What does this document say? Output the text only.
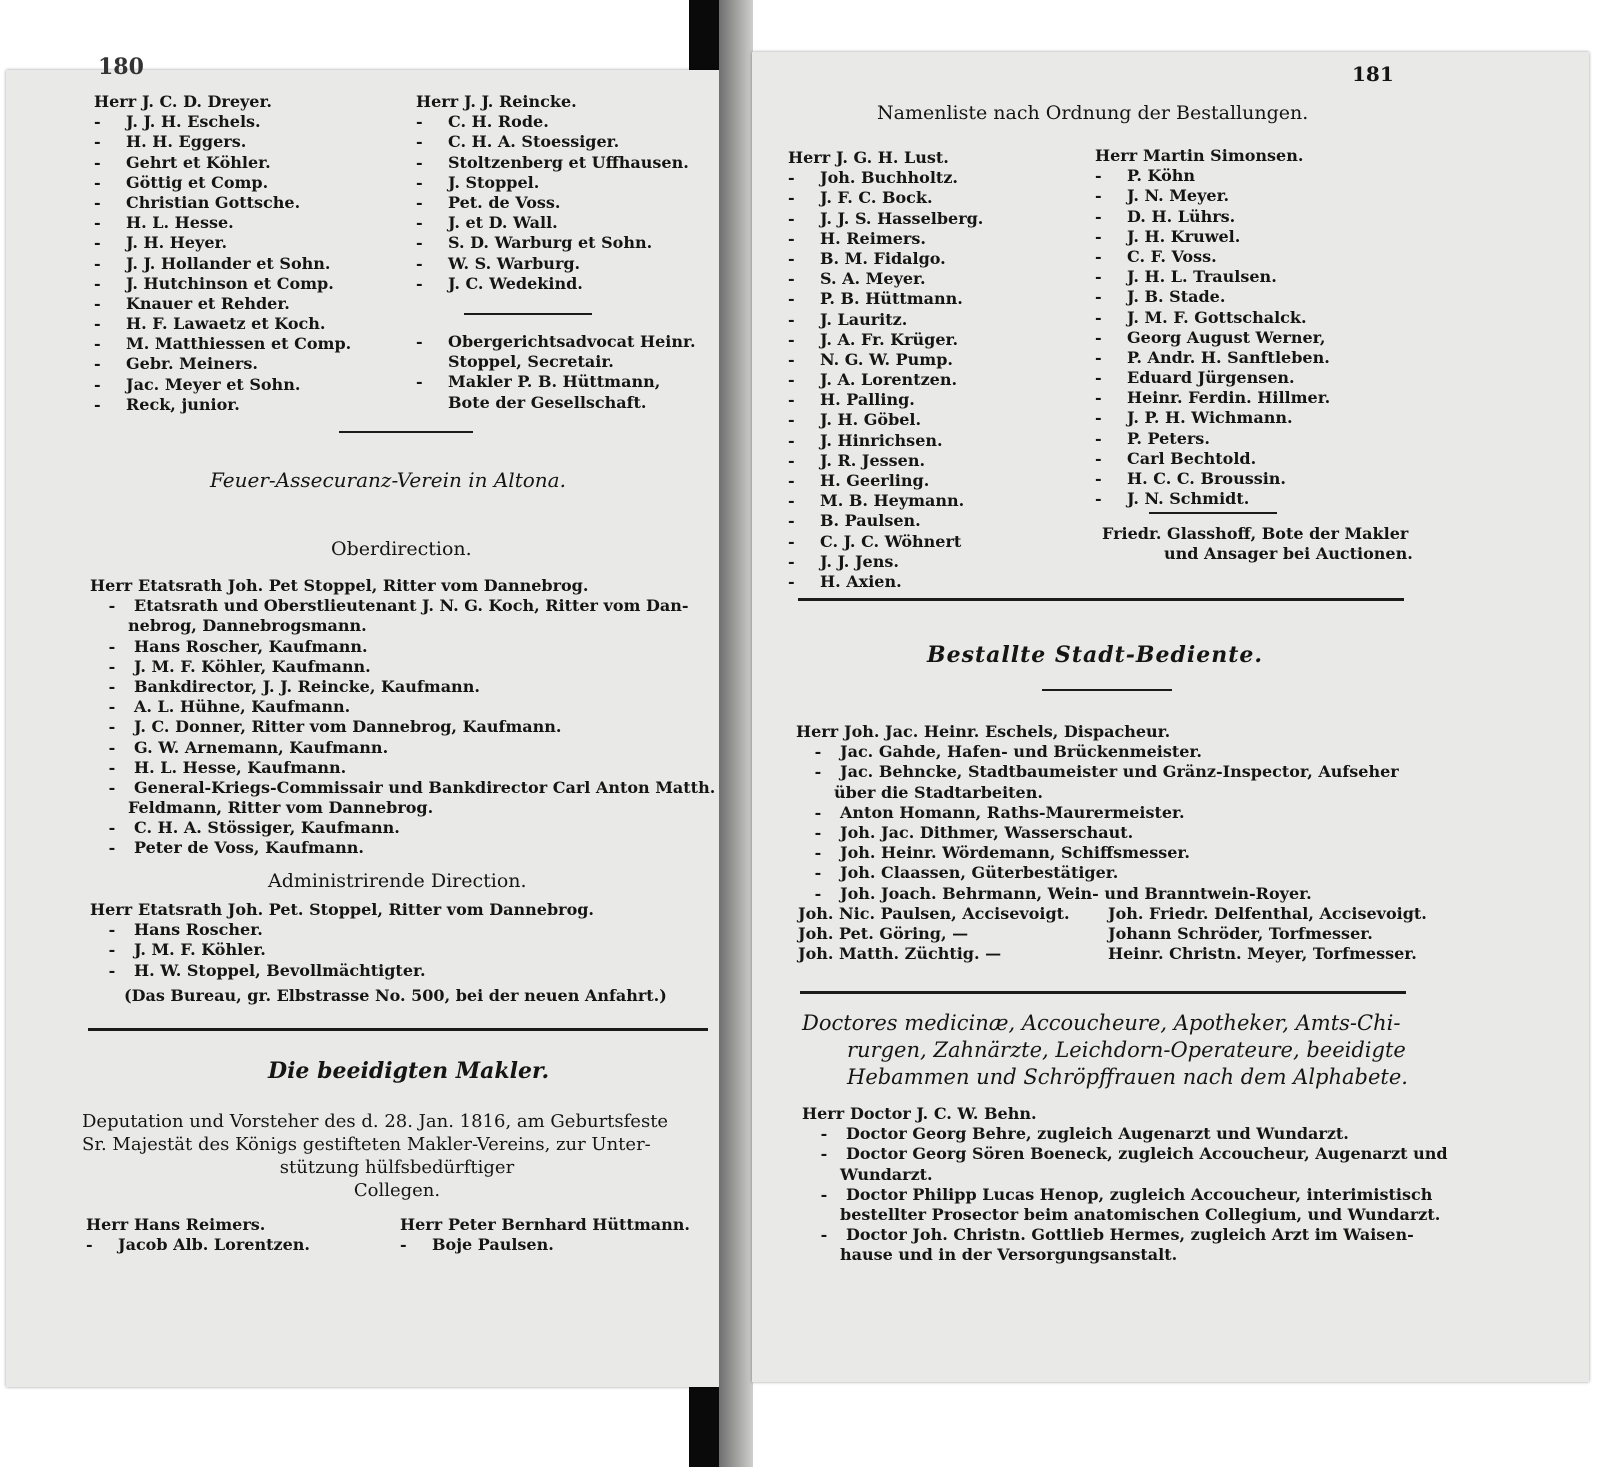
180
Herr J. C. D. Dreyer.
- J. J. H. Eschels.
- H. H. Eggers.
- Gehrt et Köhler.
- Göttig et Comp.
- Christian Gottsche.
- H. L. Hesse.
- J. H. Heyer.
- J. J. Hollander et Sohn.
- J. Hutchinson et Comp.
- Knauer et Rehder.
- H. F. Lawaetz et Koch.
- M. Matthiessen et Comp.
- Gebr. Meiners.
- Jac. Meyer et Sohn.
- Reck, junior.
Herr J. J. Reincke.
- C. H. Rode.
- C. H. A. Stoessiger.
- Stoltzenberg et Uffhausen.
- J. Stoppel.
- Pet. de Voss.
- J. et D. Wall.
- S. D. Warburg et Sohn.
- W. S. Warburg.
- J. C. Wedekind.
- Obergerichtsadvocat Heinr.
Stoppel, Secretair.
- Makler P. B. Hüttmann,
Bote der Gesellschaft.
Feuer-Assecuranz-Verein in Altona.
Oberdirection.
Herr Etatsrath Joh. Pet Stoppel, Ritter vom Dannebrog.
- Etatsrath und Oberstlieutenant J. N. G. Koch, Ritter vom Dan-
nebrog, Dannebrogsmann.
- Hans Roscher, Kaufmann.
- J. M. F. Köhler, Kaufmann.
- Bankdirector, J. J. Reincke, Kaufmann.
- A. L. Hühne, Kaufmann.
- J. C. Donner, Ritter vom Dannebrog, Kaufmann.
- G. W. Arnemann, Kaufmann.
- H. L. Hesse, Kaufmann.
- General-Kriegs-Commissair und Bankdirector Carl Anton Matth.
Feldmann, Ritter vom Dannebrog.
- C. H. A. Stössiger, Kaufmann.
- Peter de Voss, Kaufmann.
Administrirende Direction.
Herr Etatsrath Joh. Pet. Stoppel, Ritter vom Dannebrog.
- Hans Roscher.
- J. M. F. Köhler.
- H. W. Stoppel, Bevollmächtigter.
(Das Bureau, gr. Elbstrasse No. 500, bei der neuen Anfahrt.)
Die beeidigten Makler.
Deputation und Vorsteher des d. 28. Jan. 1816, am Geburtsfeste
Sr. Majestät des Königs gestifteten Makler-Vereins, zur Unter-
stützung hülfsbedürftiger
Collegen.
Herr Hans Reimers.
- Jacob Alb. Lorentzen.
Herr Peter Bernhard Hüttmann.
- Boje Paulsen.
181
Namenliste nach Ordnung der Bestallungen.
Herr J. G. H. Lust.
- Joh. Buchholtz.
- J. F. C. Bock.
- J. J. S. Hasselberg.
- H. Reimers.
- B. M. Fidalgo.
- S. A. Meyer.
- P. B. Hüttmann.
- J. Lauritz.
- J. A. Fr. Krüger.
- N. G. W. Pump.
- J. A. Lorentzen.
- H. Palling.
- J. H. Göbel.
- J. Hinrichsen.
- J. R. Jessen.
- H. Geerling.
- M. B. Heymann.
- B. Paulsen.
- C. J. C. Wöhnert
- J. J. Jens.
- H. Axien.
Herr Martin Simonsen.
- P. Köhn
- J. N. Meyer.
- D. H. Lührs.
- J. H. Kruwel.
- C. F. Voss.
- J. H. L. Traulsen.
- J. B. Stade.
- J. M. F. Gottschalck.
- Georg August Werner,
- P. Andr. H. Sanftleben.
- Eduard Jürgensen.
- Heinr. Ferdin. Hillmer.
- J. P. H. Wichmann.
- P. Peters.
- Carl Bechtold.
- H. C. C. Broussin.
- J. N. Schmidt.
Friedr. Glasshoff, Bote der Makler
und Ansager bei Auctionen.
Bestallte Stadt-Bediente.
Herr Joh. Jac. Heinr. Eschels, Dispacheur.
- Jac. Gahde, Hafen- und Brückenmeister.
- Jac. Behncke, Stadtbaumeister und Gränz-Inspector, Aufseher
über die Stadtarbeiten.
- Anton Homann, Raths-Maurermeister.
- Joh. Jac. Dithmer, Wasserschaut.
- Joh. Heinr. Wördemann, Schiffsmesser.
- Joh. Claassen, Güterbestätiger.
- Joh. Joach. Behrmann, Wein- und Branntwein-Royer.
Joh. Nic. Paulsen, Accisevoigt. Joh. Friedr. Delfenthal, Accisevoigt.
Joh. Pet. Göring, —	Johann Schröder, Torfmesser.
Joh. Matth. Züchtig. —	Heinr. Christn. Meyer, Torfmesser.
Doctores medicinæ, Accoucheure, Apotheker, Amts-Chi-
rurgen, Zahnärzte, Leichdorn-Operateure, beeidigte
Hebammen und Schröpffrauen nach dem Alphabete.
Herr Doctor J. C. W. Behn.
- Doctor Georg Behre, zugleich Augenarzt und Wundarzt.
- Doctor Georg Sören Boeneck, zugleich Accoucheur, Augenarzt und
Wundarzt.
- Doctor Philipp Lucas Henop, zugleich Accoucheur, interimistisch
bestellter Prosector beim anatomischen Collegium, und Wundarzt.
- Doctor Joh. Christn. Gottlieb Hermes, zugleich Arzt im Waisen-
hause und in der Versorgungsanstalt.
